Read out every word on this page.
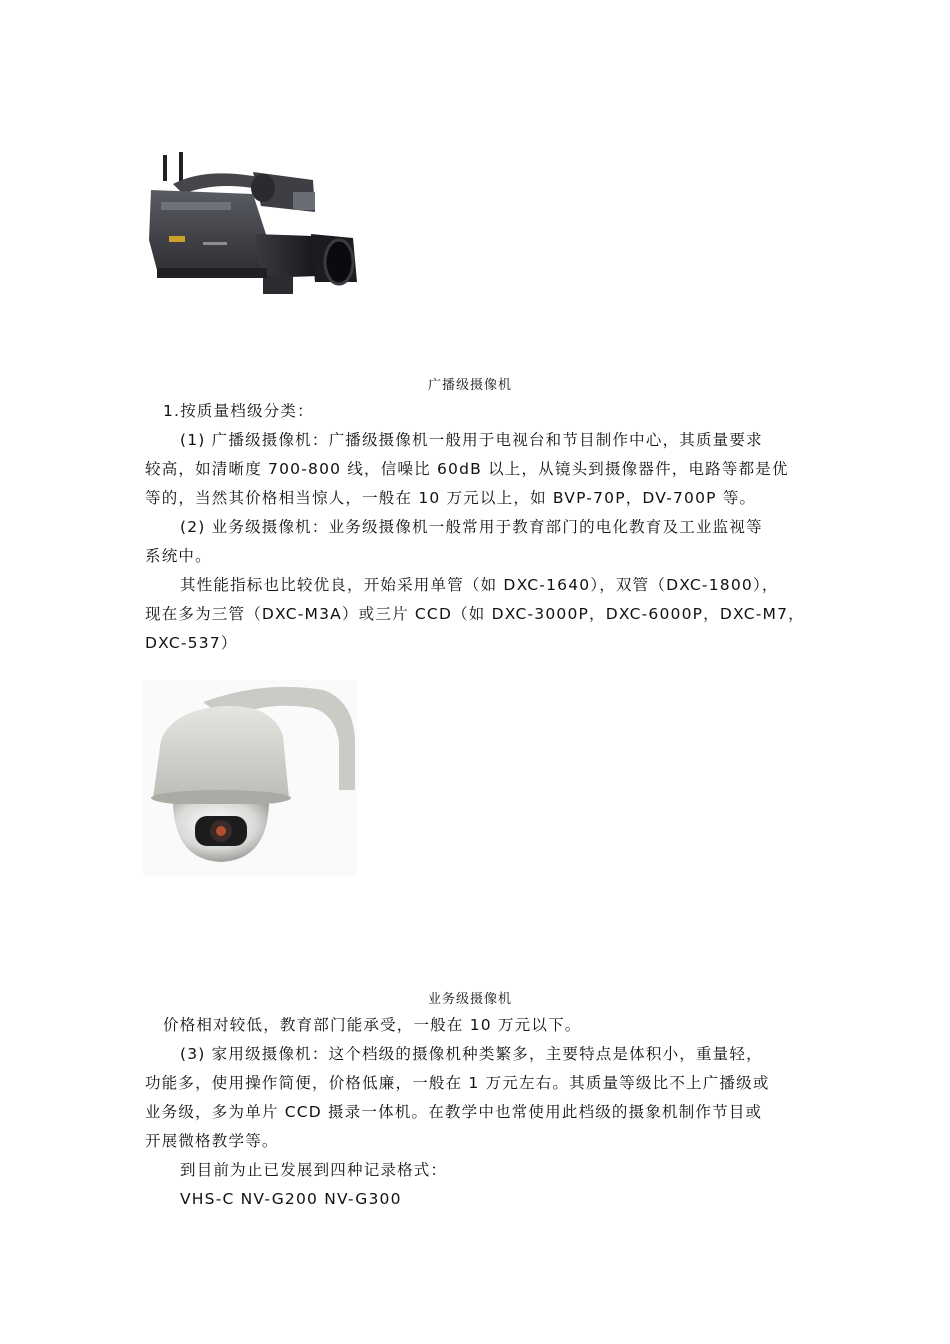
广播级摄像机
1.按质量档级分类：
(1) 广播级摄像机：广播级摄像机一般用于电视台和节目制作中心，其质量要求
较高，如清晰度 700-800 线，信噪比 60dB 以上，从镜头到摄像器件，电路等都是优
等的，当然其价格相当惊人，一般在 10 万元以上，如 BVP-70P，DV-700P 等。
(2) 业务级摄像机：业务级摄像机一般常用于教育部门的电化教育及工业监视等
系统中。
其性能指标也比较优良，开始采用单管（如 DXC-1640），双管（DXC-1800），
现在多为三管（DXC-M3A）或三片 CCD（如 DXC-3000P，DXC-6000P，DXC-M7，
DXC-537）
业务级摄像机
价格相对较低，教育部门能承受，一般在 10 万元以下。
(3) 家用级摄像机：这个档级的摄像机种类繁多，主要特点是体积小，重量轻，
功能多，使用操作简便，价格低廉，一般在 1 万元左右。其质量等级比不上广播级或
业务级，多为单片 CCD 摄录一体机。在教学中也常使用此档级的摄象机制作节目或
开展微格教学等。
到目前为止已发展到四种记录格式：
VHS-C NV-G200 NV-G300
